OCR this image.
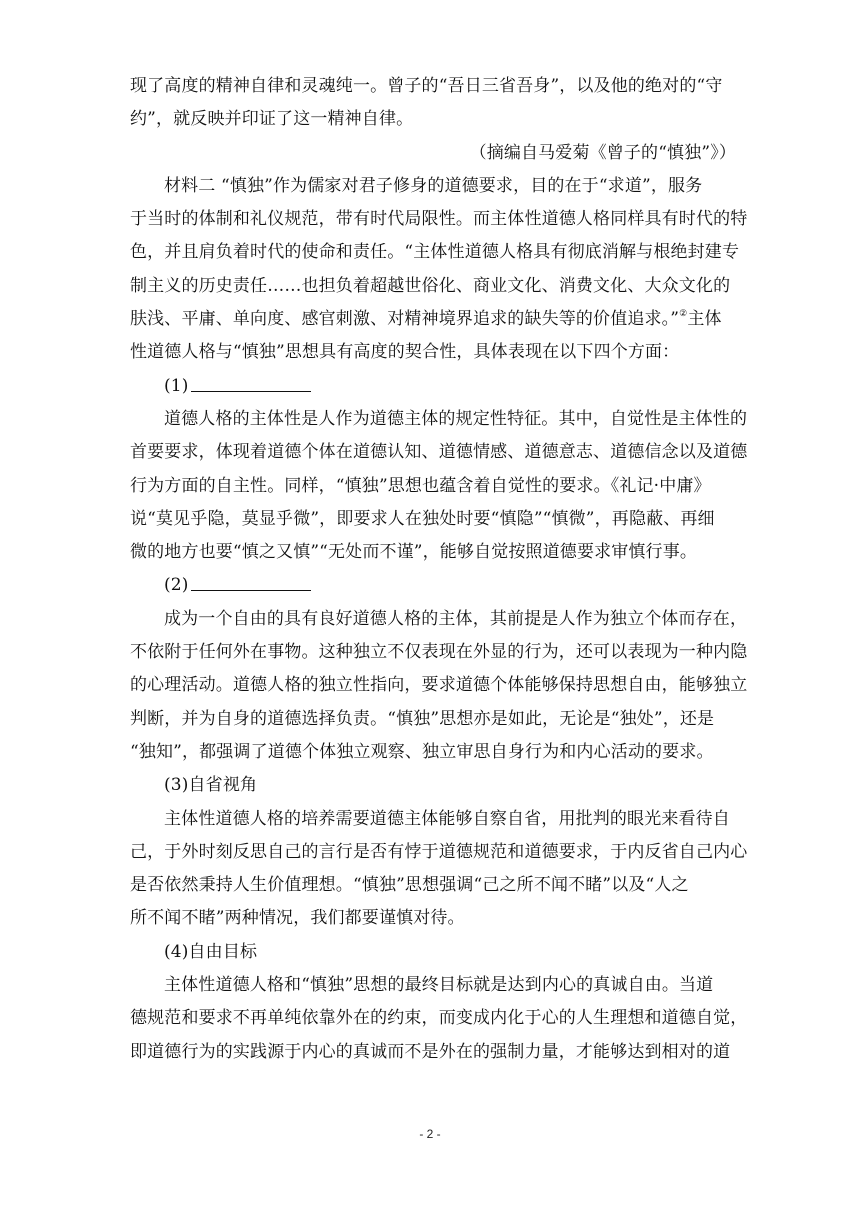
现了高度的精神自律和灵魂纯一。曾子的“吾日三省吾身”，以及他的绝对的“守
约”，就反映并印证了这一精神自律。
（摘编自马爱菊《曾子的“慎独”》）
材料二 “慎独”作为儒家对君子修身的道德要求，目的在于“求道”，服务
于当时的体制和礼仪规范，带有时代局限性。而主体性道德人格同样具有时代的特
色，并且肩负着时代的使命和责任。“主体性道德人格具有彻底消解与根绝封建专
制主义的历史责任……也担负着超越世俗化、商业文化、消费文化、大众文化的
肤浅、平庸、单向度、感官刺激、对精神境界追求的缺失等的价值追求。”②主体
性道德人格与“慎独”思想具有高度的契合性，具体表现在以下四个方面：
(1)
道德人格的主体性是人作为道德主体的规定性特征。其中，自觉性是主体性的
首要要求，体现着道德个体在道德认知、道德情感、道德意志、道德信念以及道德
行为方面的自主性。同样，“慎独”思想也蕴含着自觉性的要求。《礼记·中庸》
说“莫见乎隐，莫显乎微”，即要求人在独处时要“慎隐”“慎微”，再隐蔽、再细
微的地方也要“慎之又慎”“无处而不谨”，能够自觉按照道德要求审慎行事。
(2)
成为一个自由的具有良好道德人格的主体，其前提是人作为独立个体而存在，
不依附于任何外在事物。这种独立不仅表现在外显的行为，还可以表现为一种内隐
的心理活动。道德人格的独立性指向，要求道德个体能够保持思想自由，能够独立
判断，并为自身的道德选择负责。“慎独”思想亦是如此，无论是“独处”，还是
“独知”，都强调了道德个体独立观察、独立审思自身行为和内心活动的要求。
(3)自省视角
主体性道德人格的培养需要道德主体能够自察自省，用批判的眼光来看待自
己，于外时刻反思自己的言行是否有悖于道德规范和道德要求，于内反省自己内心
是否依然秉持人生价值理想。“慎独”思想强调“己之所不闻不睹”以及“人之
所不闻不睹”两种情况，我们都要谨慎对待。
(4)自由目标
主体性道德人格和“慎独”思想的最终目标就是达到内心的真诚自由。当道
德规范和要求不再单纯依靠外在的约束，而变成内化于心的人生理想和道德自觉，
即道德行为的实践源于内心的真诚而不是外在的强制力量，才能够达到相对的道
- 2 -
